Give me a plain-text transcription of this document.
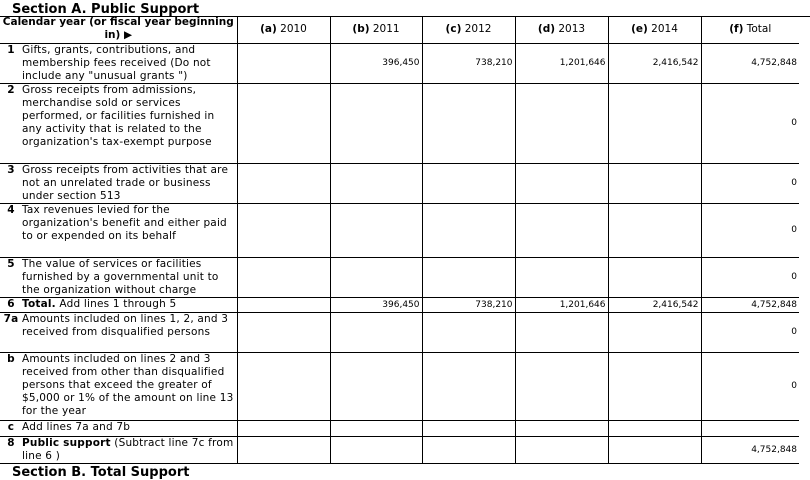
Section A. Public Support
Calendar year (or fiscal year beginning in) ▶	(a) 2010	(b) 2011	(c) 2012	(d) 2013	(e) 2014	(f) Total

1 Gifts, grants, contributions, and membership fees received (Do not include any "unusual grants ")		396,450	738,210	1,201,646	2,416,542	4,752,848

2 Gross receipts from admissions, merchandise sold or services performed, or facilities furnished in any activity that is related to the organization's tax-exempt purpose						0

3 Gross receipts from activities that are not an unrelated trade or business under section 513						0

4 Tax revenues levied for the organization's benefit and either paid to or expended on its behalf						0

5 The value of services or facilities furnished by a governmental unit to the organization without charge						0

6 Total. Add lines 1 through 5		396,450	738,210	1,201,646	2,416,542	4,752,848

7a Amounts included on lines 1, 2, and 3 received from disqualified persons						0

b Amounts included on lines 2 and 3 received from other than disqualified persons that exceed the greater of $5,000 or 1% of the amount on line 13 for the year						0

c Add lines 7a and 7b						

8 Public support (Subtract line 7c from line 6 )						4,752,848
Section B. Total Support
